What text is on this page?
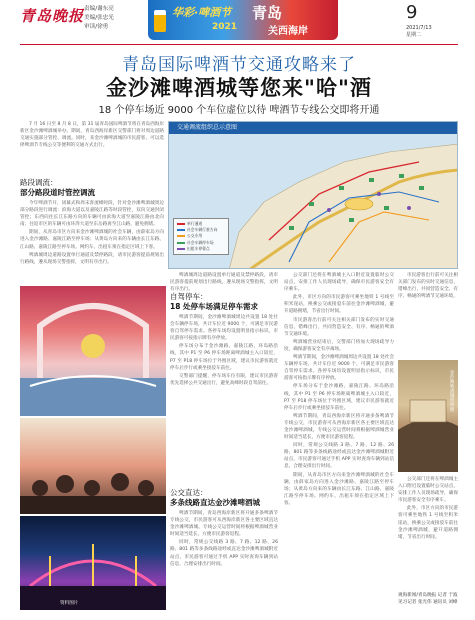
青岛晚报 责编/谢东亮
美编/张忠光
审读/徐勇
华彩·啤酒节 青岛
2021	关西海岸
9
2021/7/13
星期二
青岛国际啤酒节交通攻略来了
金沙滩啤酒城等您来"哈"酒
18 个停车场近 9000 个车位虚位以待 啤酒节专线公交即将开通

7 月 16 日至 8 月 8 日，第 31 届青岛国际啤酒节将在青岛西海岸新区金沙滩啤酒城举办。期间，青岛西海岸新区交警部门将对周边道路交通实施部分管控、调流。同时，来金沙滩啤酒城的市民游客，可以选择啤酒节专线公交等便利的交通方式出行。

路段调流：
部分路段道时管控调流

今年啤酒节开，闭幕式和周末客流峰时段，针对金沙滩啤酒城周边部分路段进行调流：滨海大道以及嘉陵江路等时段管控，双向交通封闭管控；东西向往长江东路方向的车辆可由滨海大道至嘉陵江路由北向南；往返市区的车辆可由环湾大道至东岳路再至江山路，避免拥堵。

期间，从青岛市区方向来金沙滩啤酒城的社会车辆，由薛家岛方向进入金沙滩路、嘉陵江路至停车场；从黄岛方向来的车辆由长江东路、江山路、嘉陵江路至停车场。网约车、出租车须在指定区域上下客。

啤酒城周边道路设置单行通道及禁停路段，请市民游客提前规划出行路线，遵从现场交警指挥，文明有序出行。

交通调流组织总示意图
单行通道
社会车辆行驶方向
公交专用
社会车辆停车场
出租车停靠点
资料图片

啤酒城周边道路设置单行通道及禁停路段，请市民游客提前规划出行路线，遵从现场交警指挥，文明有序出行。

自驾停车：
18 处停车场满足停车需求

啤酒节期间，金沙滩啤酒城周边共设置 18 处社会车辆停车场，共计车位近 9000 个，可满足市民游客自驾停车需求。各停车场均设置明显指示标识，市民游客可按指示牌有序停放。

停车场分布于金沙滩路、嘉陵江路、环岛路沿线，其中 P1 至 P6 停车场距离啤酒城主入口较近，P7 至 P18 停车场位于外围区域，建议市民游客就近停车后步行或乘坐接驳车前往。

交警部门提醒，停车场车位有限，建议市民游客优先选择公共交通出行，避免高峰时段自驾前往。

公交直达：
多条线路直达金沙滩啤酒城

啤酒节期间，青岛西海岸新区将开通多条啤酒节专线公交，市民游客可从西海岸新区各主要区域直达金沙滩啤酒城。专线公交运营时间将根据啤酒城营业时间适当延长，方便市民游客返程。

同时，常规公交线路 3 路、7 路、12 路、26 路、801 路等多条线路途经或直达金沙滩啤酒城附近站点，市民游客可通过手机 APP 实时查询车辆到站信息，合理安排出行时间。

公交部门还将在啤酒城主入口附近设置临时公交站点，安排工作人员现场疏导，确保市民游客安全有序乘车。

此外，市区方向的市民游客可乘坐地铁 1 号线至积米崖站，换乘公交或接驳车前往金沙滩啤酒城，避开道路拥堵，节省出行时间。

市民游客出行前可关注相关部门发布的实时交通信息，错峰出行，共同营造安全、有序、畅通的啤酒节交通环境。

啤酒城营业结束后，交警部门将加大现场疏导力度，确保游客安全有序离场。

啤酒节期间，金沙滩啤酒城周边共设置 18 处社会车辆停车场，共计车位近 9000 个，可满足市民游客自驾停车需求。各停车场均设置明显指示标识，市民游客可按指示牌有序停放。

停车场分布于金沙滩路、嘉陵江路、环岛路沿线，其中 P1 至 P6 停车场距离啤酒城主入口较近，P7 至 P18 停车场位于外围区域，建议市民游客就近停车后步行或乘坐接驳车前往。

啤酒节期间，青岛西海岸新区将开通多条啤酒节专线公交，市民游客可从西海岸新区各主要区域直达金沙滩啤酒城。专线公交运营时间将根据啤酒城营业时间适当延长，方便市民游客返程。

同时，常规公交线路 3 路、7 路、12 路、26 路、801 路等多条线路途经或直达金沙滩啤酒城附近站点，市民游客可通过手机 APP 实时查询车辆到站信息，合理安排出行时间。

期间，从青岛市区方向来金沙滩啤酒城的社会车辆，由薛家岛方向进入金沙滩路、嘉陵江路至停车场；从黄岛方向来的车辆由长江东路、江山路、嘉陵江路至停车场。网约车、出租车须在指定区域上下客。

市民游客出行前可关注相关部门发布的实时交通信息，错峰出行，共同营造安全、有序、畅通的啤酒节交通环境。

金沙滩啤酒城效果图

公交部门还将在啤酒城主入口附近设置临时公交站点，安排工作人员现场疏导，确保市民游客安全有序乘车。

此外，市区方向的市民游客可乘坐地铁 1 号线至积米崖站，换乘公交或接驳车前往金沙滩啤酒城，避开道路拥堵，节省出行时间。

观海新闻/青岛晚报 记者 于波 见习记者 张光伟 通讯员 刘峰
